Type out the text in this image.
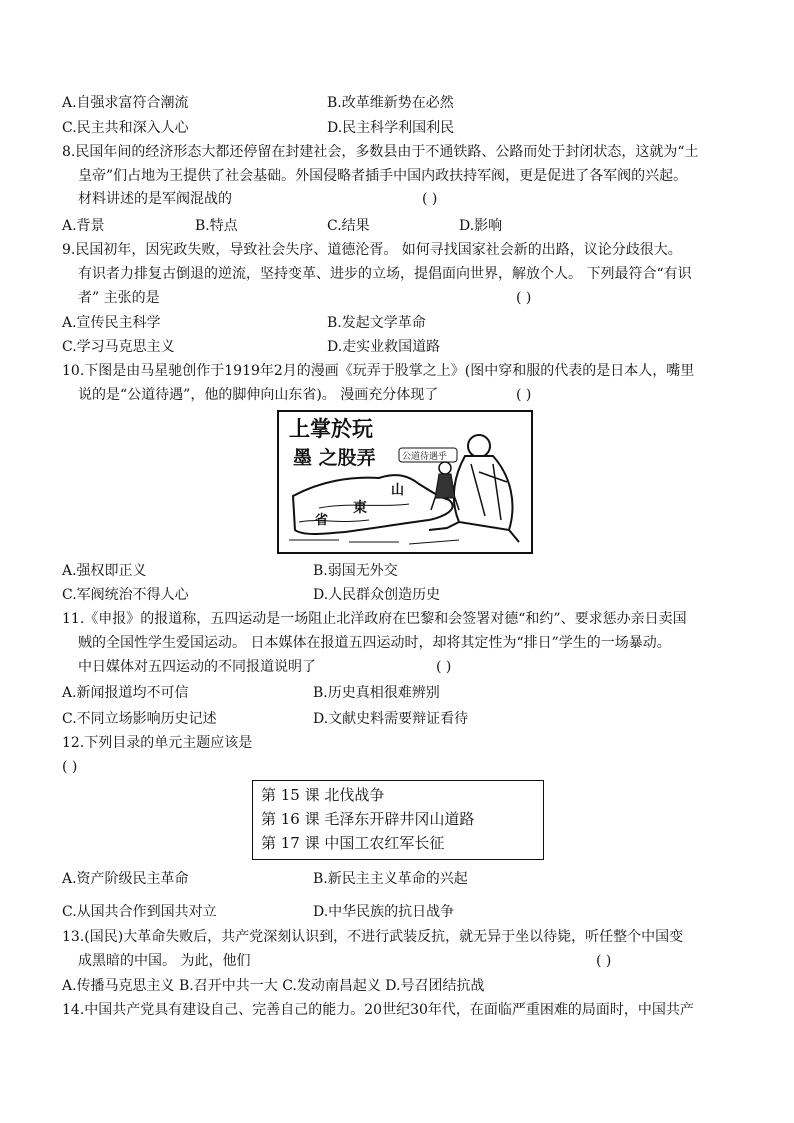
A.自强求富符合潮流	B.改革维新势在必然
C.民主共和深入人心	D.民主科学利国利民
8.民国年间的经济形态大都还停留在封建社会，多数县由于不通铁路、公路而处于封闭状态，这就为“土
皇帝”们占地为王提供了社会基础。外国侵略者插手中国内政扶持军阀，更是促进了各军阀的兴起。
材料讲述的是军阀混战的	( )
A.背景	B.特点	C.结果	D.影响
9.民国初年，因宪政失败，导致社会失序、道德沦胥。 如何寻找国家社会新的出路，议论分歧很大。
有识者力排复古倒退的逆流，坚持变革、进步的立场，提倡面向世界，解放个人。 下列最符合“有识
者” 主张的是	( )
A.宣传民主科学	B.发起文学革命
C.学习马克思主义	D.走实业救国道路
10.下图是由马星驰创作于1919年2月的漫画《玩弄于股掌之上》(图中穿和服的代表的是日本人，嘴里
说的是“公道待遇”，他的脚伸向山东省)。 漫画充分体现了	( )
上掌於玩
墨 之股弄	公道待遇乎
山
東
省
A.强权即正义	B.弱国无外交
C.军阀统治不得人心	D.人民群众创造历史
11.《申报》的报道称，五四运动是一场阻止北洋政府在巴黎和会签署对德“和约”、要求惩办亲日卖国
贼的全国性学生爱国运动。 日本媒体在报道五四运动时，却将其定性为“排日”学生的一场暴动。
中日媒体对五四运动的不同报道说明了	( )
A.新闻报道均不可信	B.历史真相很难辨别
C.不同立场影响历史记述	D.文献史料需要辩证看待
12.下列目录的单元主题应该是
( )
第 15 课 北伐战争
第 16 课 毛泽东开辟井冈山道路
第 17 课 中国工农红军长征
A.资产阶级民主革命	B.新民主主义革命的兴起
C.从国共合作到国共对立	D.中华民族的抗日战争
13.(国民)大革命失败后，共产党深刻认识到，不进行武装反抗，就无异于坐以待毙，听任整个中国变
成黑暗的中国。 为此，他们	( )
A.传播马克思主义 B.召开中共一大 C.发动南昌起义 D.号召团结抗战
14.中国共产党具有建设自己、完善自己的能力。20世纪30年代，在面临严重困难的局面时，中国共产
